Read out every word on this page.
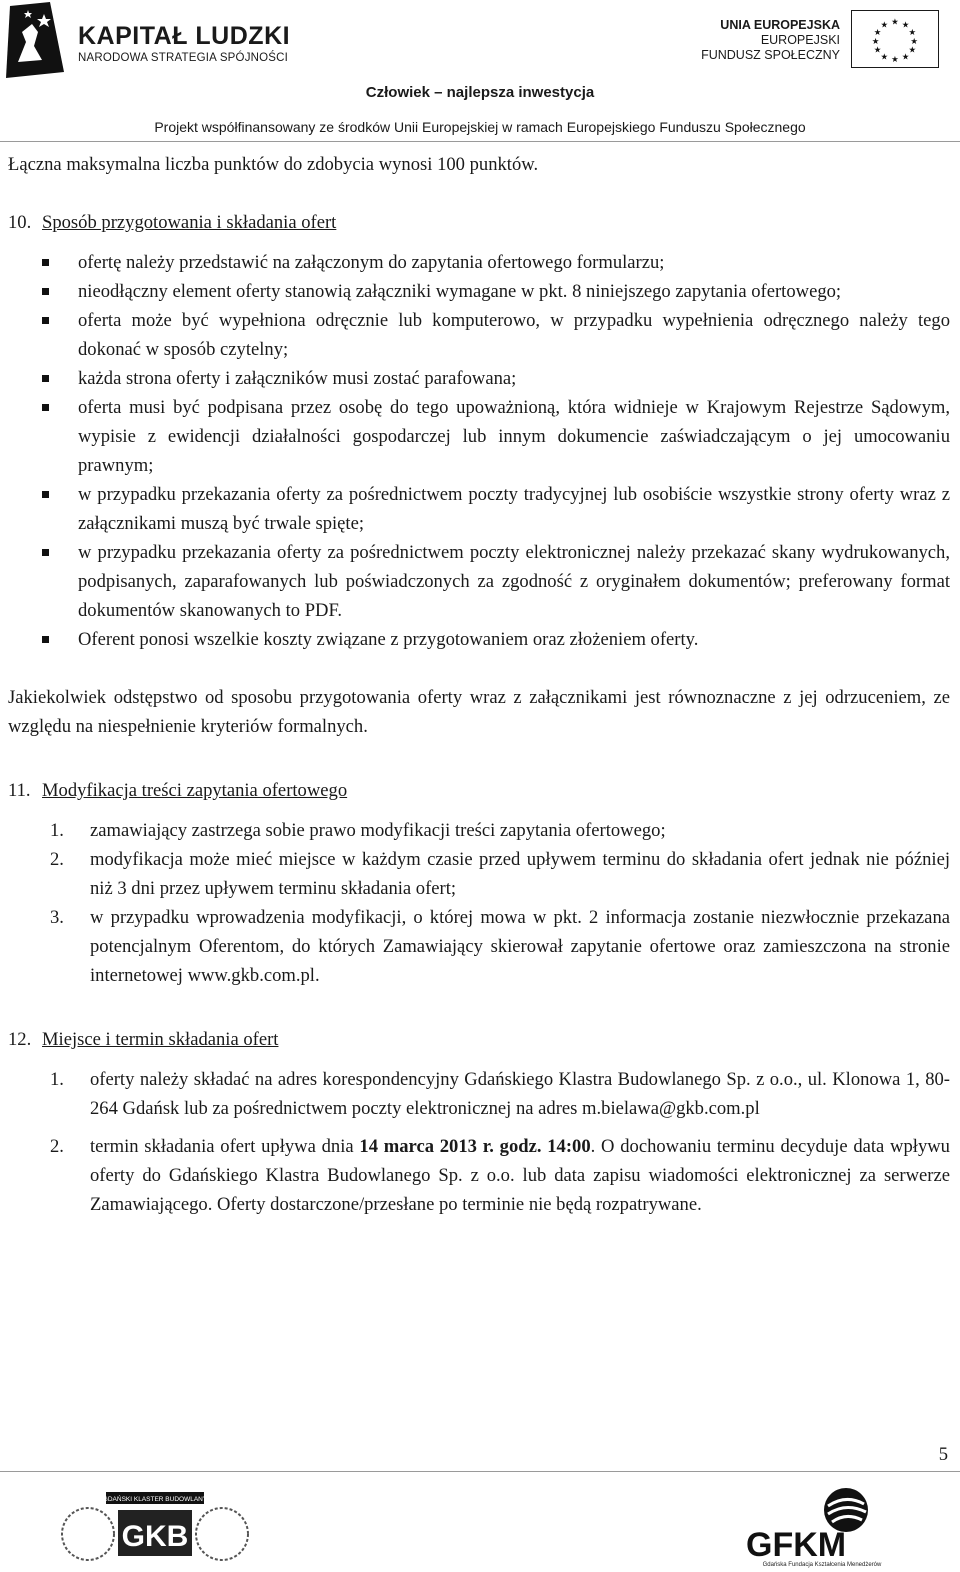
KAPITAŁ LUDZKI
NARODOWA STRATEGIA SPÓJNOŚCI
UNIA EUROPEJSKA
EUROPEJSKI
FUNDUSZ SPOŁECZNY
★ ★
★
★
★
★
★
★
★
★
★
★
Człowiek – najlepsza inwestycja
Projekt współfinansowany ze środków Unii Europejskiej w ramach Europejskiego Funduszu Społecznego

Łączna maksymalna liczba punktów do zdobycia wynosi 100 punktów.

10. Sposób przygotowania i składania ofert
ofertę należy przedstawić na załączonym do zapytania ofertowego formularzu;
nieodłączny element oferty stanowią załączniki wymagane w pkt. 8 niniejszego zapytania ofertowego;
oferta może być wypełniona odręcznie lub komputerowo, w przypadku wypełnienia odręcznego należy tego dokonać w sposób czytelny;
każda strona oferty i załączników musi zostać parafowana;
oferta musi być podpisana przez osobę do tego upoważnioną, która widnieje w Krajowym Rejestrze Sądowym, wypisie z ewidencji działalności gospodarczej lub innym dokumencie zaświadczającym o jej umocowaniu prawnym;
w przypadku przekazania oferty za pośrednictwem poczty tradycyjnej lub osobiście wszystkie strony oferty wraz z załącznikami muszą być trwale spięte;
w przypadku przekazania oferty za pośrednictwem poczty elektronicznej należy przekazać skany wydrukowanych, podpisanych, zaparafowanych lub poświadczonych za zgodność z oryginałem dokumentów; preferowany format dokumentów skanowanych to PDF.
Oferent ponosi wszelkie koszty związane z przygotowaniem oraz złożeniem oferty.

Jakiekolwiek odstępstwo od sposobu przygotowania oferty wraz z załącznikami jest równoznaczne z jej odrzuceniem, ze względu na niespełnienie kryteriów formalnych.

11. Modyfikacja treści zapytania ofertowego
1. zamawiający zastrzega sobie prawo modyfikacji treści zapytania ofertowego;
2. modyfikacja może mieć miejsce w każdym czasie przed upływem terminu do składania ofert jednak nie później niż 3 dni przez upływem terminu składania ofert;
3. w przypadku wprowadzenia modyfikacji, o której mowa w pkt. 2 informacja zostanie niezwłocznie przekazana potencjalnym Oferentom, do których Zamawiający skierował zapytanie ofertowe oraz zamieszczona na stronie internetowej www.gkb.com.pl.
12. Miejsce i termin składania ofert
1. oferty należy składać na adres korespondencyjny Gdańskiego Klastra Budowlanego Sp. z o.o., ul. Klonowa 1, 80-264 Gdańsk lub za pośrednictwem poczty elektronicznej na adres m.bielawa@gkb.com.pl
2. termin składania ofert upływa dnia 14 marca 2013 r. godz. 14:00. O dochowaniu terminu decyduje data wpływu oferty do Gdańskiego Klastra Budowlanego Sp. z o.o. lub data zapisu wiadomości elektronicznej za serwerze Zamawiającego. Oferty dostarczone/przesłane po terminie nie będą rozpatrywane.
5
GDAŃSKI KLASTER BUDOWLANY
GKB	GFKM
Gdańska Fundacja Kształcenia Menedżerów
